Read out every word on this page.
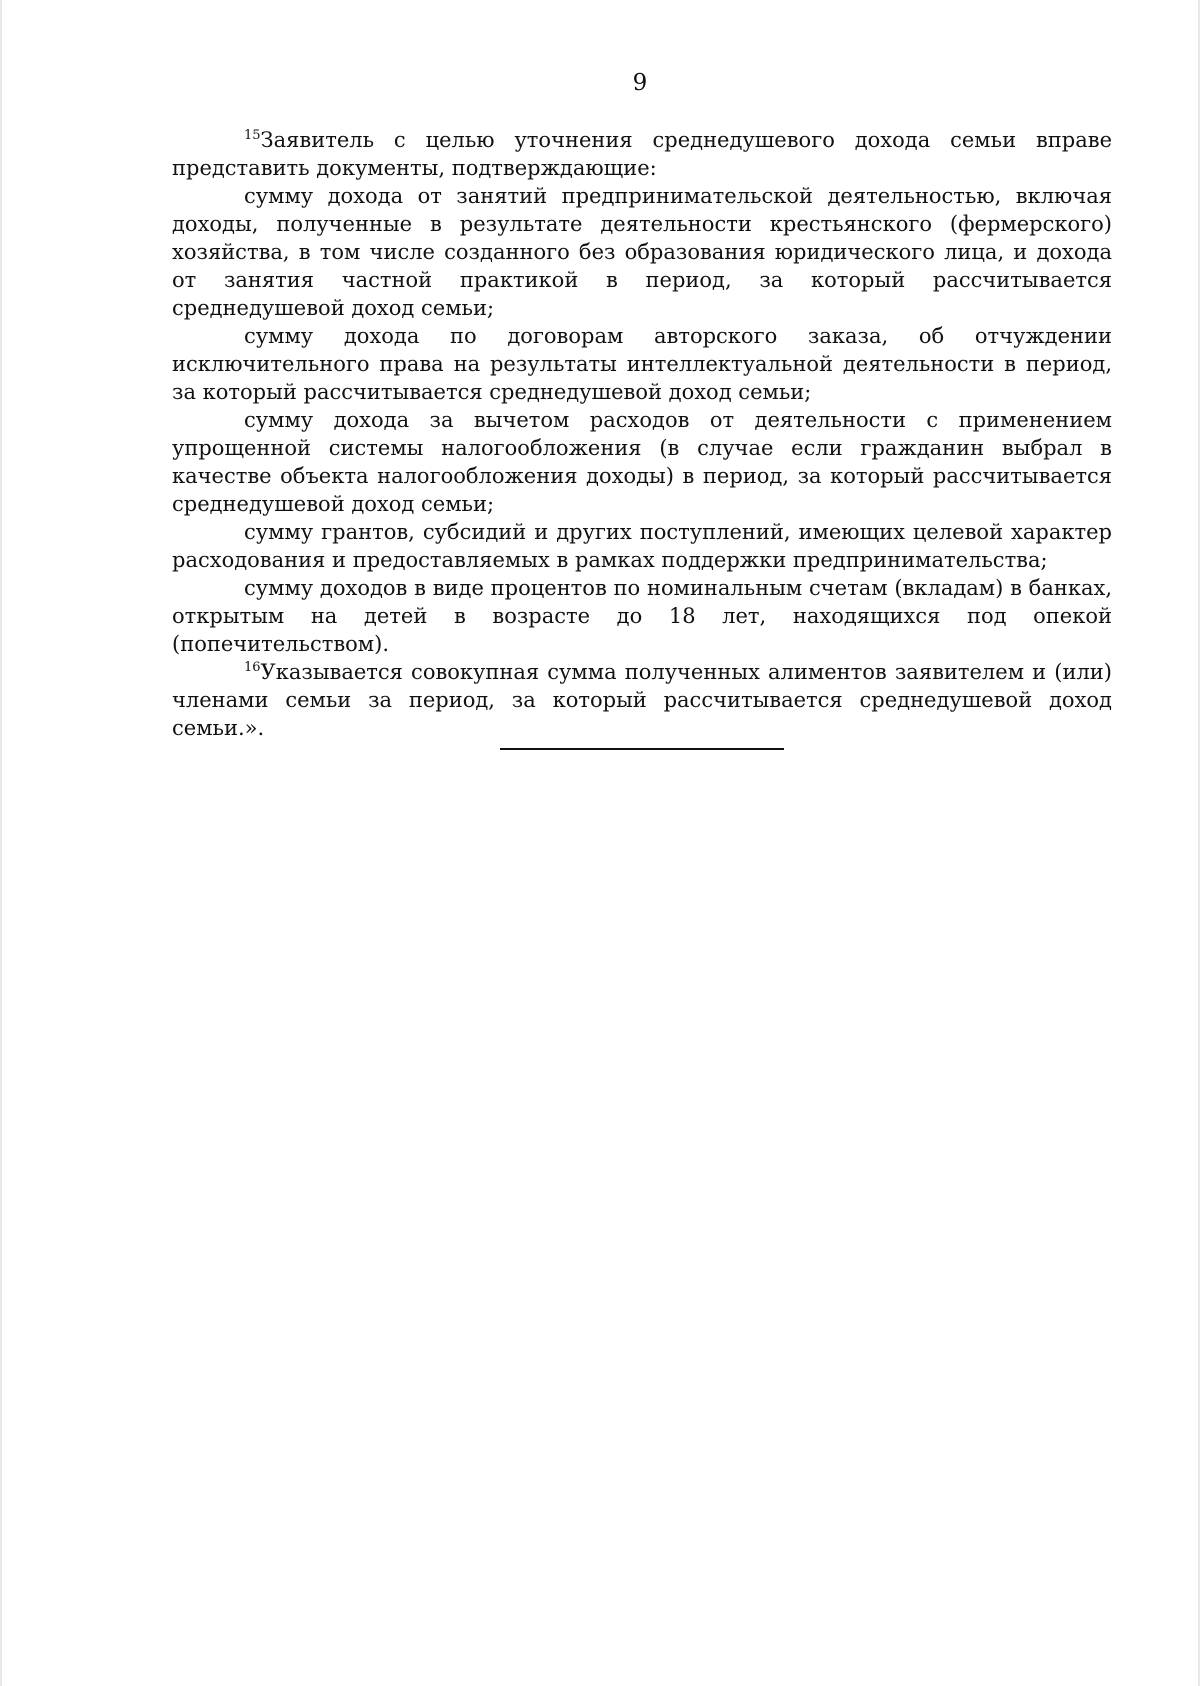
9

$^{15}$Заявитель с целью уточнения среднедушевого дохода семьи вправе представить документы, подтверждающие:

сумму дохода от занятий предпринимательской деятельностью, включая доходы, полученные в результате деятельности крестьянского (фермерского) хозяйства, в том числе созданного без образования юридического лица, и дохода от занятия частной практикой в период, за который рассчитывается среднедушевой доход семьи;

сумму дохода по договорам авторского заказа, об отчуждении исключительного права на результаты интеллектуальной деятельности в период, за который рассчитывается среднедушевой доход семьи;

сумму дохода за вычетом расходов от деятельности с применением упрощенной системы налогообложения (в случае если гражданин выбрал в качестве объекта налогообложения доходы) в период, за который рассчитывается среднедушевой доход семьи;

сумму грантов, субсидий и других поступлений, имеющих целевой характер расходования и предоставляемых в рамках поддержки предпринимательства;

сумму доходов в виде процентов по номинальным счетам (вкладам) в банках, открытым на детей в возрасте до 18 лет, находящихся под опекой (попечительством).

$^{16}$Указывается совокупная сумма полученных алиментов заявителем и (или) членами семьи за период, за который рассчитывается среднедушевой доход семьи.».
